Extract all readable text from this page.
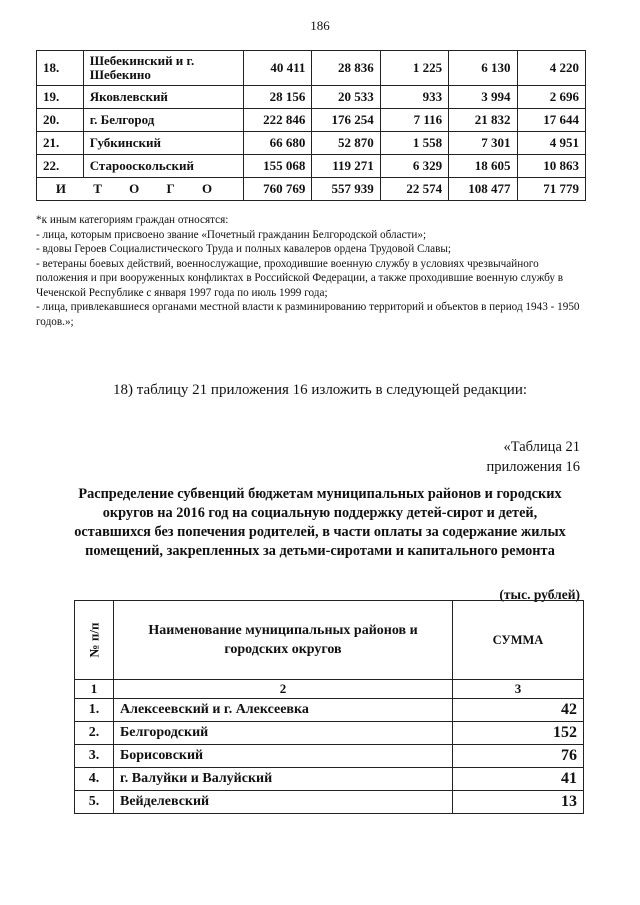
186
18.	Шебекинский и г. Шебекино	40 411	28 836	1 225	6 130	4 220
19.	Яковлевский	28 156	20 533	933	3 994	2 696
20.	г. Белгород	222 846	176 254	7 116	21 832	17 644
21.	Губкинский	66 680	52 870	1 558	7 301	4 951
22.	Старооскольский	155 068	119 271	6 329	18 605	10 863
И Т О Г О		760 769	557 939	22 574	108 477	71 779

*к иным категориям граждан относятся:

- лица, которым присвоено звание «Почетный гражданин Белгородской области»;

- вдовы Героев Социалистического Труда и полных кавалеров ордена Трудовой Славы;

- ветераны боевых действий, военнослужащие, проходившие военную службу в условиях чрезвычайного положения и при вооруженных конфликтах в Российской Федерации, а также проходившие военную службу в Чеченской Республике с января 1997 года по июль 1999 года;

- лица, привлекавшиеся органами местной власти к разминированию территорий и объектов в период 1943 - 1950 годов.»;

18) таблицу 21 приложения 16 изложить в следующей редакции:
«Таблица 21
приложения 16
Распределение субвенций бюджетам муниципальных районов и городских округов на 2016 год на социальную поддержку детей-сирот и детей, оставшихся без попечения родителей, в части оплаты за содержание жилых помещений, закрепленных за детьми-сиротами и капитального ремонта
(тыс. рублей)
№ п/п	Наименование муниципальных районов и городских округов	СУММА
1	2	3
1.	Алексеевский и г. Алексеевка	42
2.	Белгородский	152
3.	Борисовский	76
4.	г. Валуйки и Валуйский	41
5.	Вейделевский	13
